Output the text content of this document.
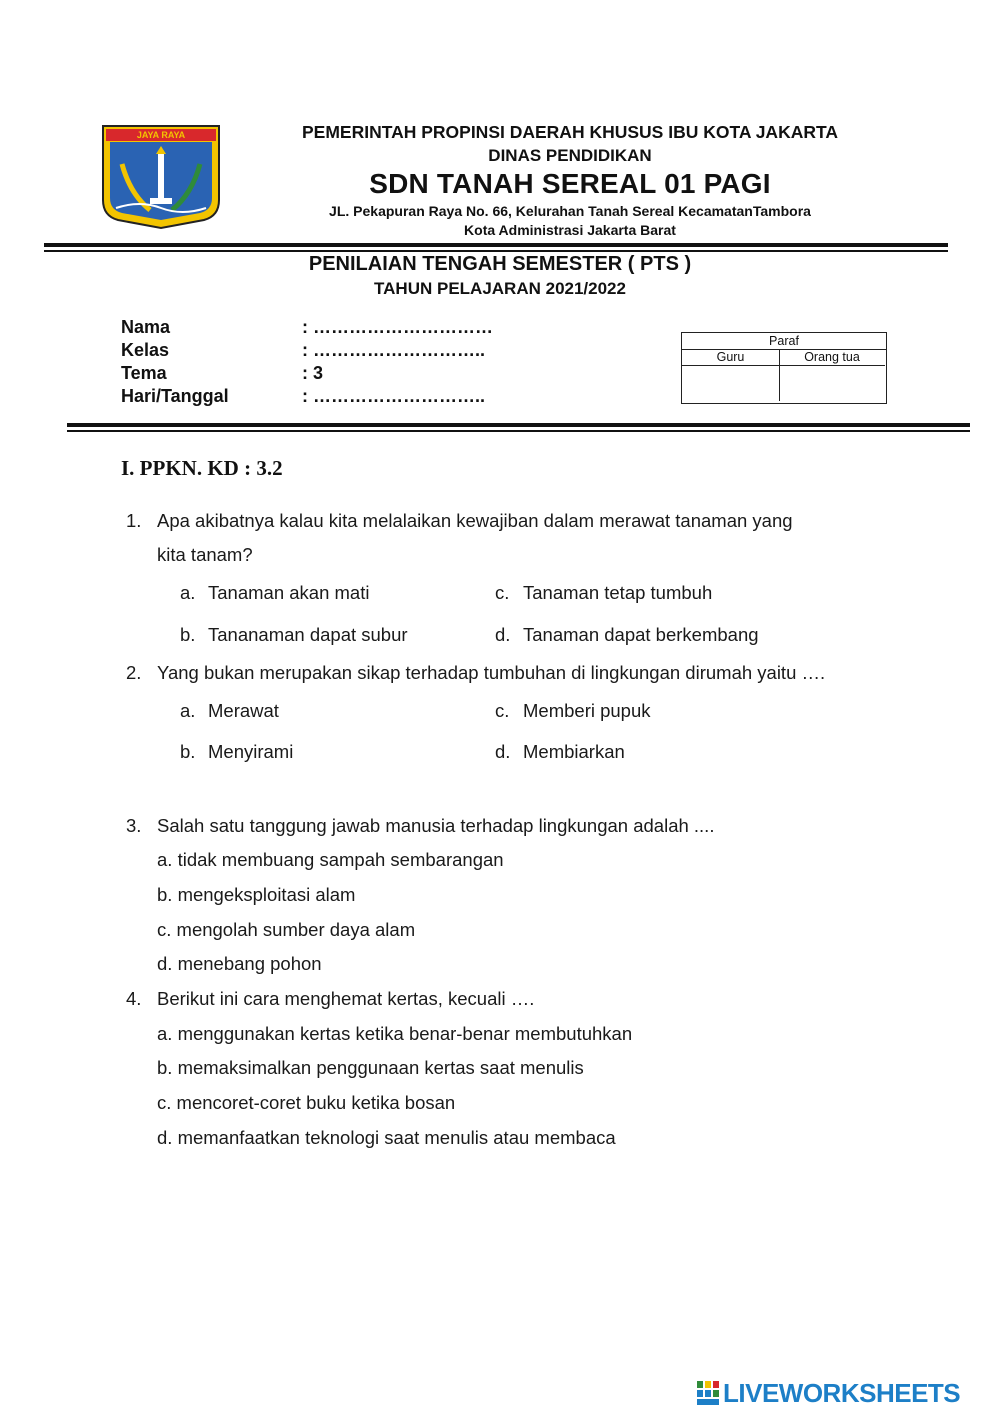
JAYA RAYA	PEMERINTAH PROPINSI DAERAH KHUSUS IBU KOTA JAKARTA
DINAS PENDIDIKAN
SDN TANAH SEREAL 01 PAGI
JL. Pekapuran Raya No. 66, Kelurahan Tanah Sereal KecamatanTambora
Kota Administrasi Jakarta Barat
PENILAIAN TENGAH SEMESTER ( PTS )
TAHUN PELAJARAN 2021/2022
Nama	: …………………………
Kelas	: ………………………..
Tema	: 3
Hari/Tanggal	: ………………………..
Paraf
Guru	Orang tua
I. PPKN. KD : 3.2
1. Apa akibatnya kalau kita melalaikan kewajiban dalam merawat tanaman yang
kita tanam?
a. Tanaman akan mati
b. Tananaman dapat subur
c. Tanaman tetap tumbuh
d. Tanaman dapat berkembang
2. Yang bukan merupakan sikap terhadap tumbuhan di lingkungan dirumah yaitu ….
a. Merawat
b. Menyirami
c. Memberi pupuk
d. Membiarkan
3. Salah satu tanggung jawab manusia terhadap lingkungan adalah ....
a. tidak membuang sampah sembarangan
b. mengeksploitasi alam
c. mengolah sumber daya alam
d. menebang pohon
4. Berikut ini cara menghemat kertas, kecuali ….
a. menggunakan kertas ketika benar-benar membutuhkan
b. memaksimalkan penggunaan kertas saat menulis
c. mencoret-coret buku ketika bosan
d. memanfaatkan teknologi saat menulis atau membaca
LIVEWORKSHEETS
